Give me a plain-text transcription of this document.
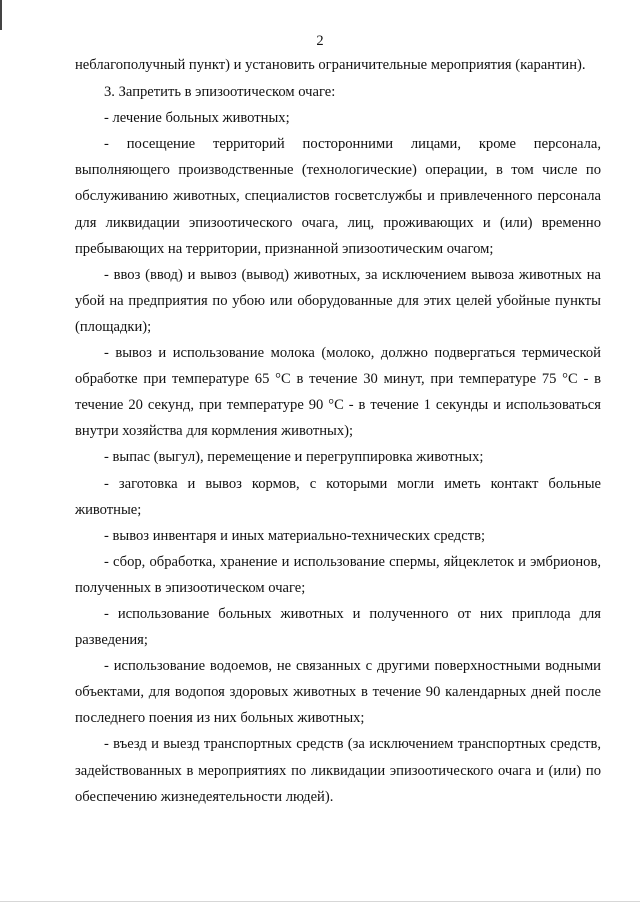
2

неблагополучный пункт) и установить ограничительные мероприятия (карантин).

3. Запретить в эпизоотическом очаге:

- лечение больных животных;

- посещение территорий посторонними лицами, кроме персонала, выполняющего производственные (технологические) операции, в том числе по обслуживанию животных, специалистов госветслужбы и привлеченного персонала для ликвидации эпизоотического очага, лиц, проживающих и (или) временно пребывающих на территории, признанной эпизоотическим очагом;

- ввоз (ввод) и вывоз (вывод) животных, за исключением вывоза животных на убой на предприятия по убою или оборудованные для этих целей убойные пункты (площадки);

- вывоз и использование молока (молоко, должно подвергаться термической обработке при температуре 65 °С в течение 30 минут, при температуре 75 °С - в течение 20 секунд, при температуре 90 °С - в течение 1 секунды и использоваться внутри хозяйства для кормления животных);

- выпас (выгул), перемещение и перегруппировка животных;

- заготовка и вывоз кормов, с которыми могли иметь контакт больные животные;

- вывоз инвентаря и иных материально-технических средств;

- сбор, обработка, хранение и использование спермы, яйцеклеток и эмбрионов, полученных в эпизоотическом очаге;

- использование больных животных и полученного от них приплода для разведения;

- использование водоемов, не связанных с другими поверхностными водными объектами, для водопоя здоровых животных в течение 90 календарных дней после последнего поения из них больных животных;

- въезд и выезд транспортных средств (за исключением транспортных средств, задействованных в мероприятиях по ликвидации эпизоотического очага и (или) по обеспечению жизнедеятельности людей).
